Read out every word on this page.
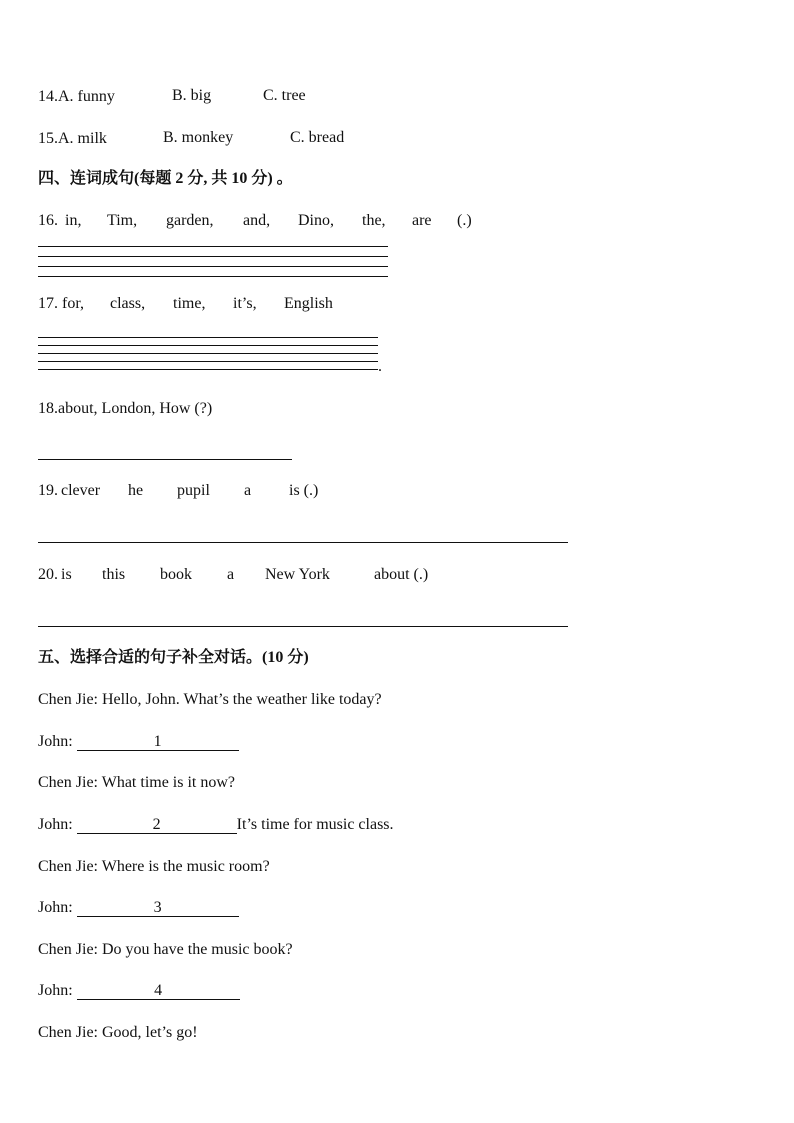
14.A. funny	B. big	C. tree
15.A. milk	B. monkey	C. bread
四、连词成句(每题 2 分, 共 10 分) 。
16. in, Tim, garden, and, Dino, the, are (.)
17. for, class, time, it’s, English
.
18.about, London, How (?)
19. clever he pupil a is (.)
20. is this book a New York	about (.)
五、选择合适的句子补全对话。(10 分)
Chen Jie: Hello, John. What’s the weather like today?
John:	1
Chen Jie: What time is it now?
John:	2	It’s time for music class.
Chen Jie: Where is the music room?
John:	3
Chen Jie: Do you have the music book?
John:	4
Chen Jie: Good, let’s go!
